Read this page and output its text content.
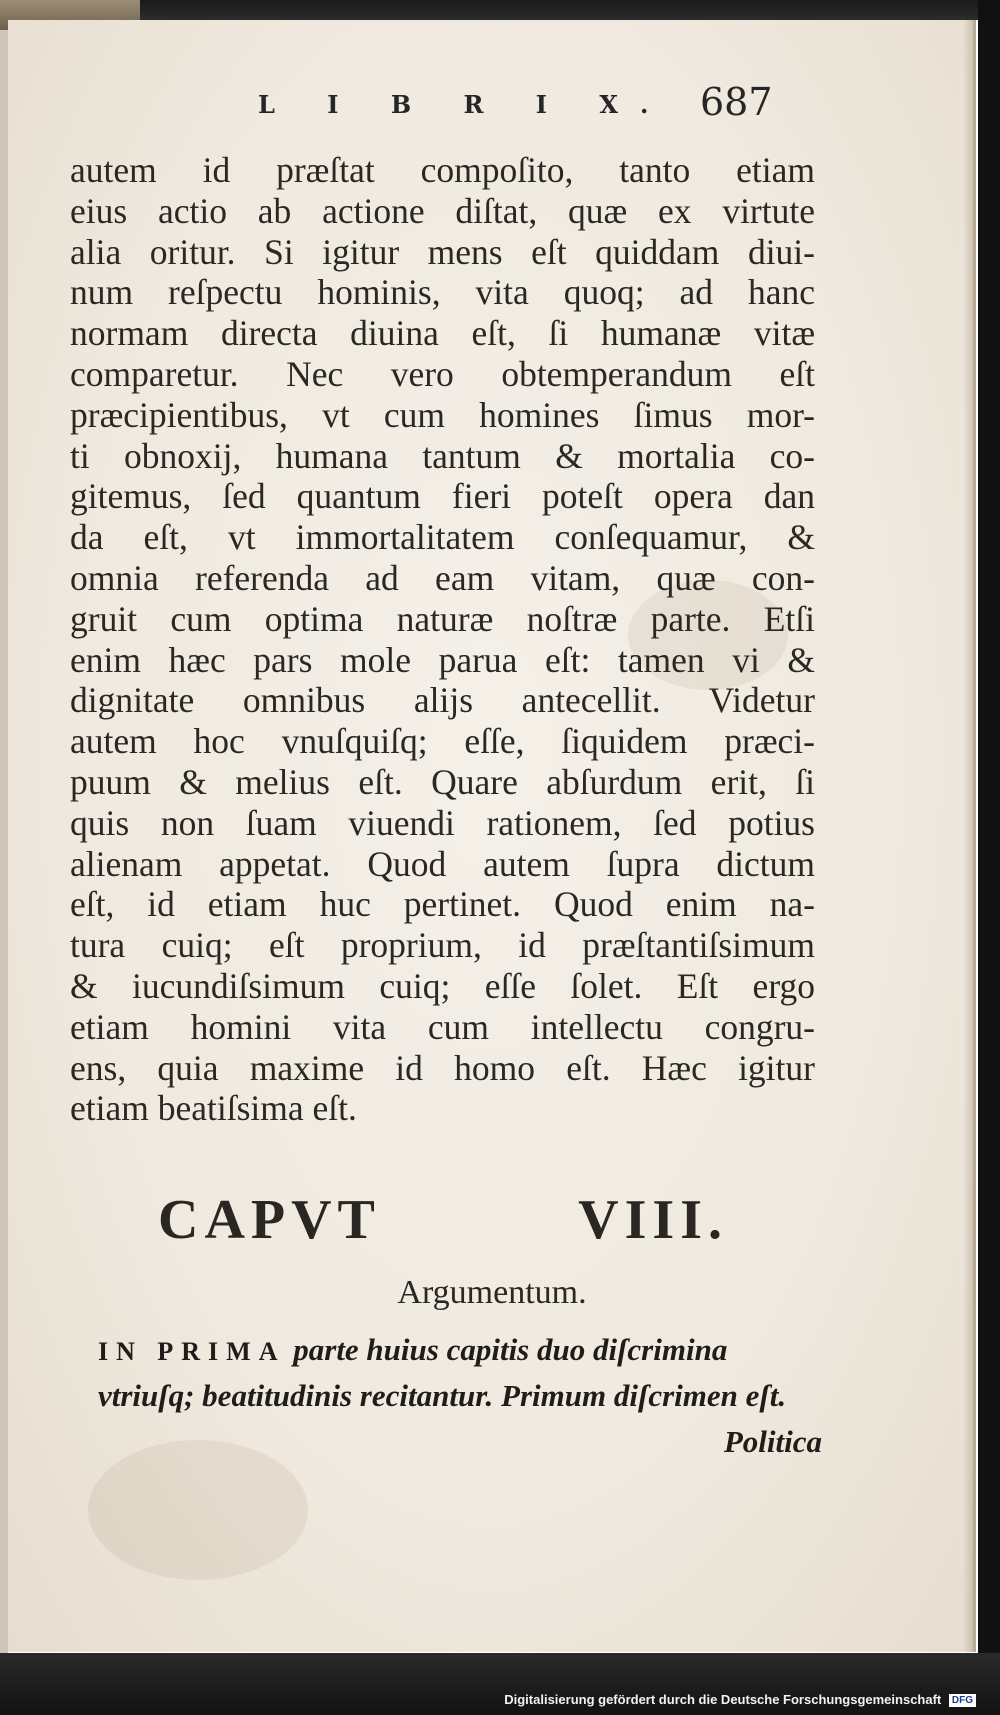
Digitalisierung gefördert durch die Deutsche Forschungsgemeinschaft DFG
L I B R I X. 687
autem id præſtat compoſito, tanto etiam
eius actio ab actione diſtat, quæ ex virtute
alia oritur. Si igitur mens eſt quiddam diui-
num reſpectu hominis, vita quoq; ad hanc
normam directa diuina eſt, ſi humanæ vitæ
comparetur. Nec vero obtemperandum eſt
præcipientibus, vt cum homines ſimus mor-
ti obnoxij, humana tantum & mortalia co-
gitemus, ſed quantum fieri poteſt opera dan
da eſt, vt immortalitatem conſequamur, &
omnia referenda ad eam vitam, quæ con-
gruit cum optima naturæ noſtræ parte. Etſi
enim hæc pars mole parua eſt: tamen vi &
dignitate omnibus alijs antecellit. Videtur
autem hoc vnuſquiſq; eſſe, ſiquidem præci-
puum & melius eſt. Quare abſurdum erit, ſi
quis non ſuam viuendi rationem, ſed potius
alienam appetat. Quod autem ſupra dictum
eſt, id etiam huc pertinet. Quod enim na-
tura cuiq; eſt proprium, id præſtantiſsimum
& iucundiſsimum cuiq; eſſe ſolet. Eſt ergo
etiam homini vita cum intellectu congru-
ens, quia maxime id homo eſt. Hæc igitur
etiam beatiſsima eſt.
CAPVT VIII.
Argumentum.
IN PRIMA parte huius capitis duo diſcrimina
vtriuſq; beatitudinis recitantur. Primum diſcrimen eſt.
Politica
